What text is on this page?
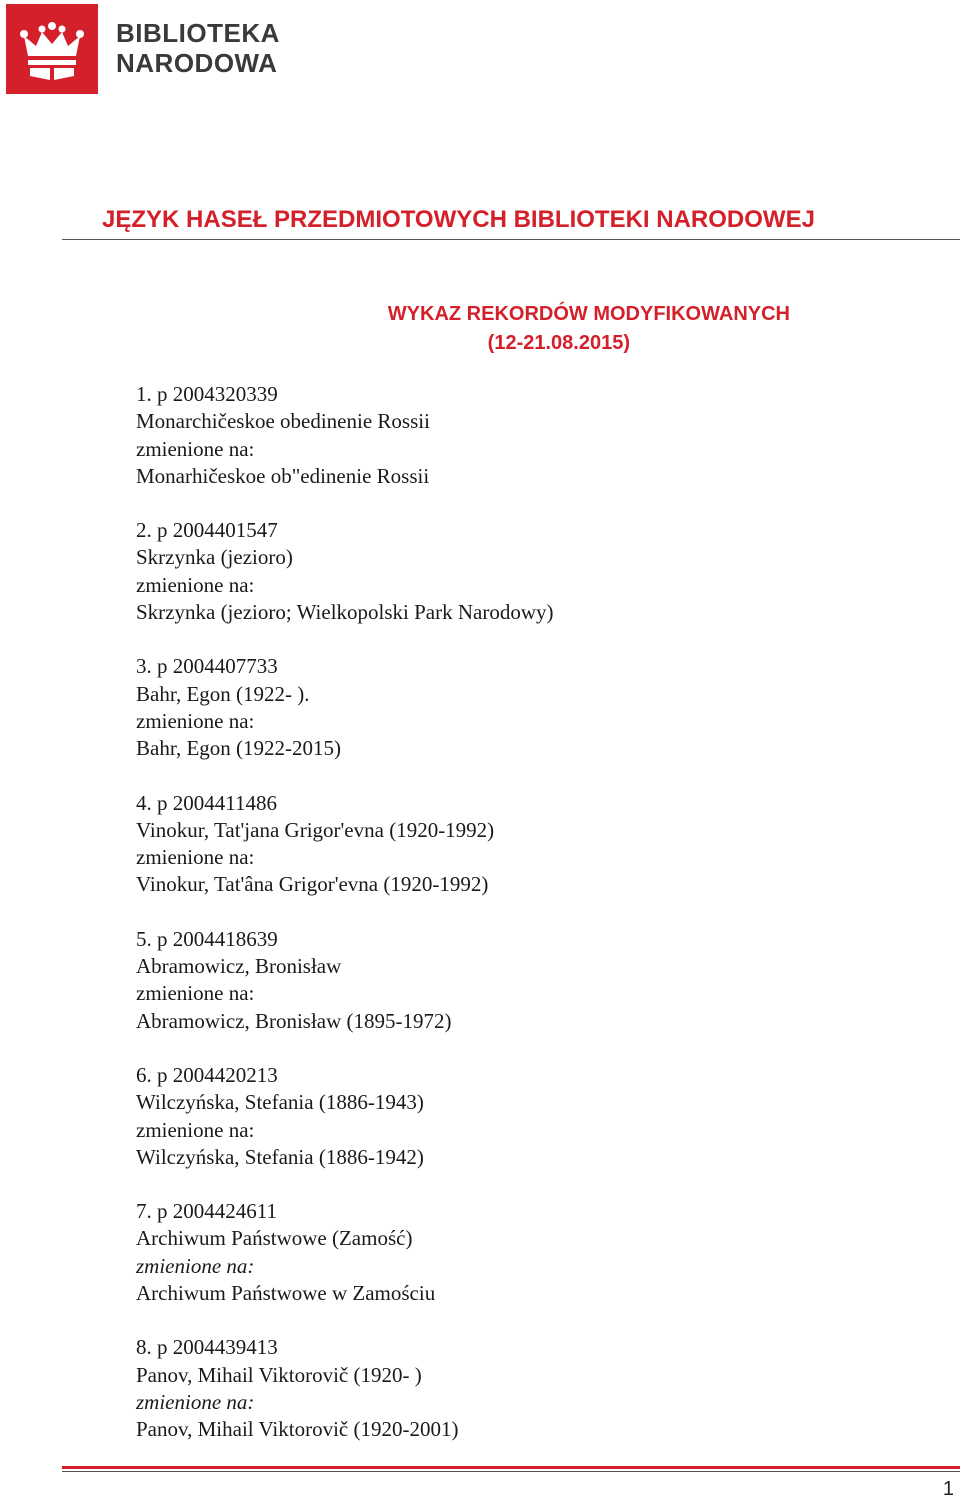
BIBLIOTEKA
NARODOWA
JĘZYK HASEŁ PRZEDMIOTOWYCH BIBLIOTEKI NARODOWEJ
WYKAZ REKORDÓW MODYFIKOWANYCH
(12-21.08.2015)
1. p 2004320339
Monarchičeskoe obedinenie Rossii
zmienione na:
Monarhičeskoe ob"edinenie Rossii
2. p 2004401547
Skrzynka (jezioro)
zmienione na:
Skrzynka (jezioro; Wielkopolski Park Narodowy)
3. p 2004407733
Bahr, Egon (1922- ).
zmienione na:
Bahr, Egon (1922-2015)
4. p 2004411486
Vinokur, Tat'jana Grigor'evna (1920-1992)
zmienione na:
Vinokur, Tat'âna Grigor'evna (1920-1992)
5. p 2004418639
Abramowicz, Bronisław
zmienione na:
Abramowicz, Bronisław (1895-1972)
6. p 2004420213
Wilczyńska, Stefania (1886-1943)
zmienione na:
Wilczyńska, Stefania (1886-1942)
7. p 2004424611
Archiwum Państwowe (Zamość)
zmienione na:
Archiwum Państwowe w Zamościu
8. p 2004439413
Panov, Mihail Viktorovič (1920- )
zmienione na:
Panov, Mihail Viktorovič (1920-2001)
1
